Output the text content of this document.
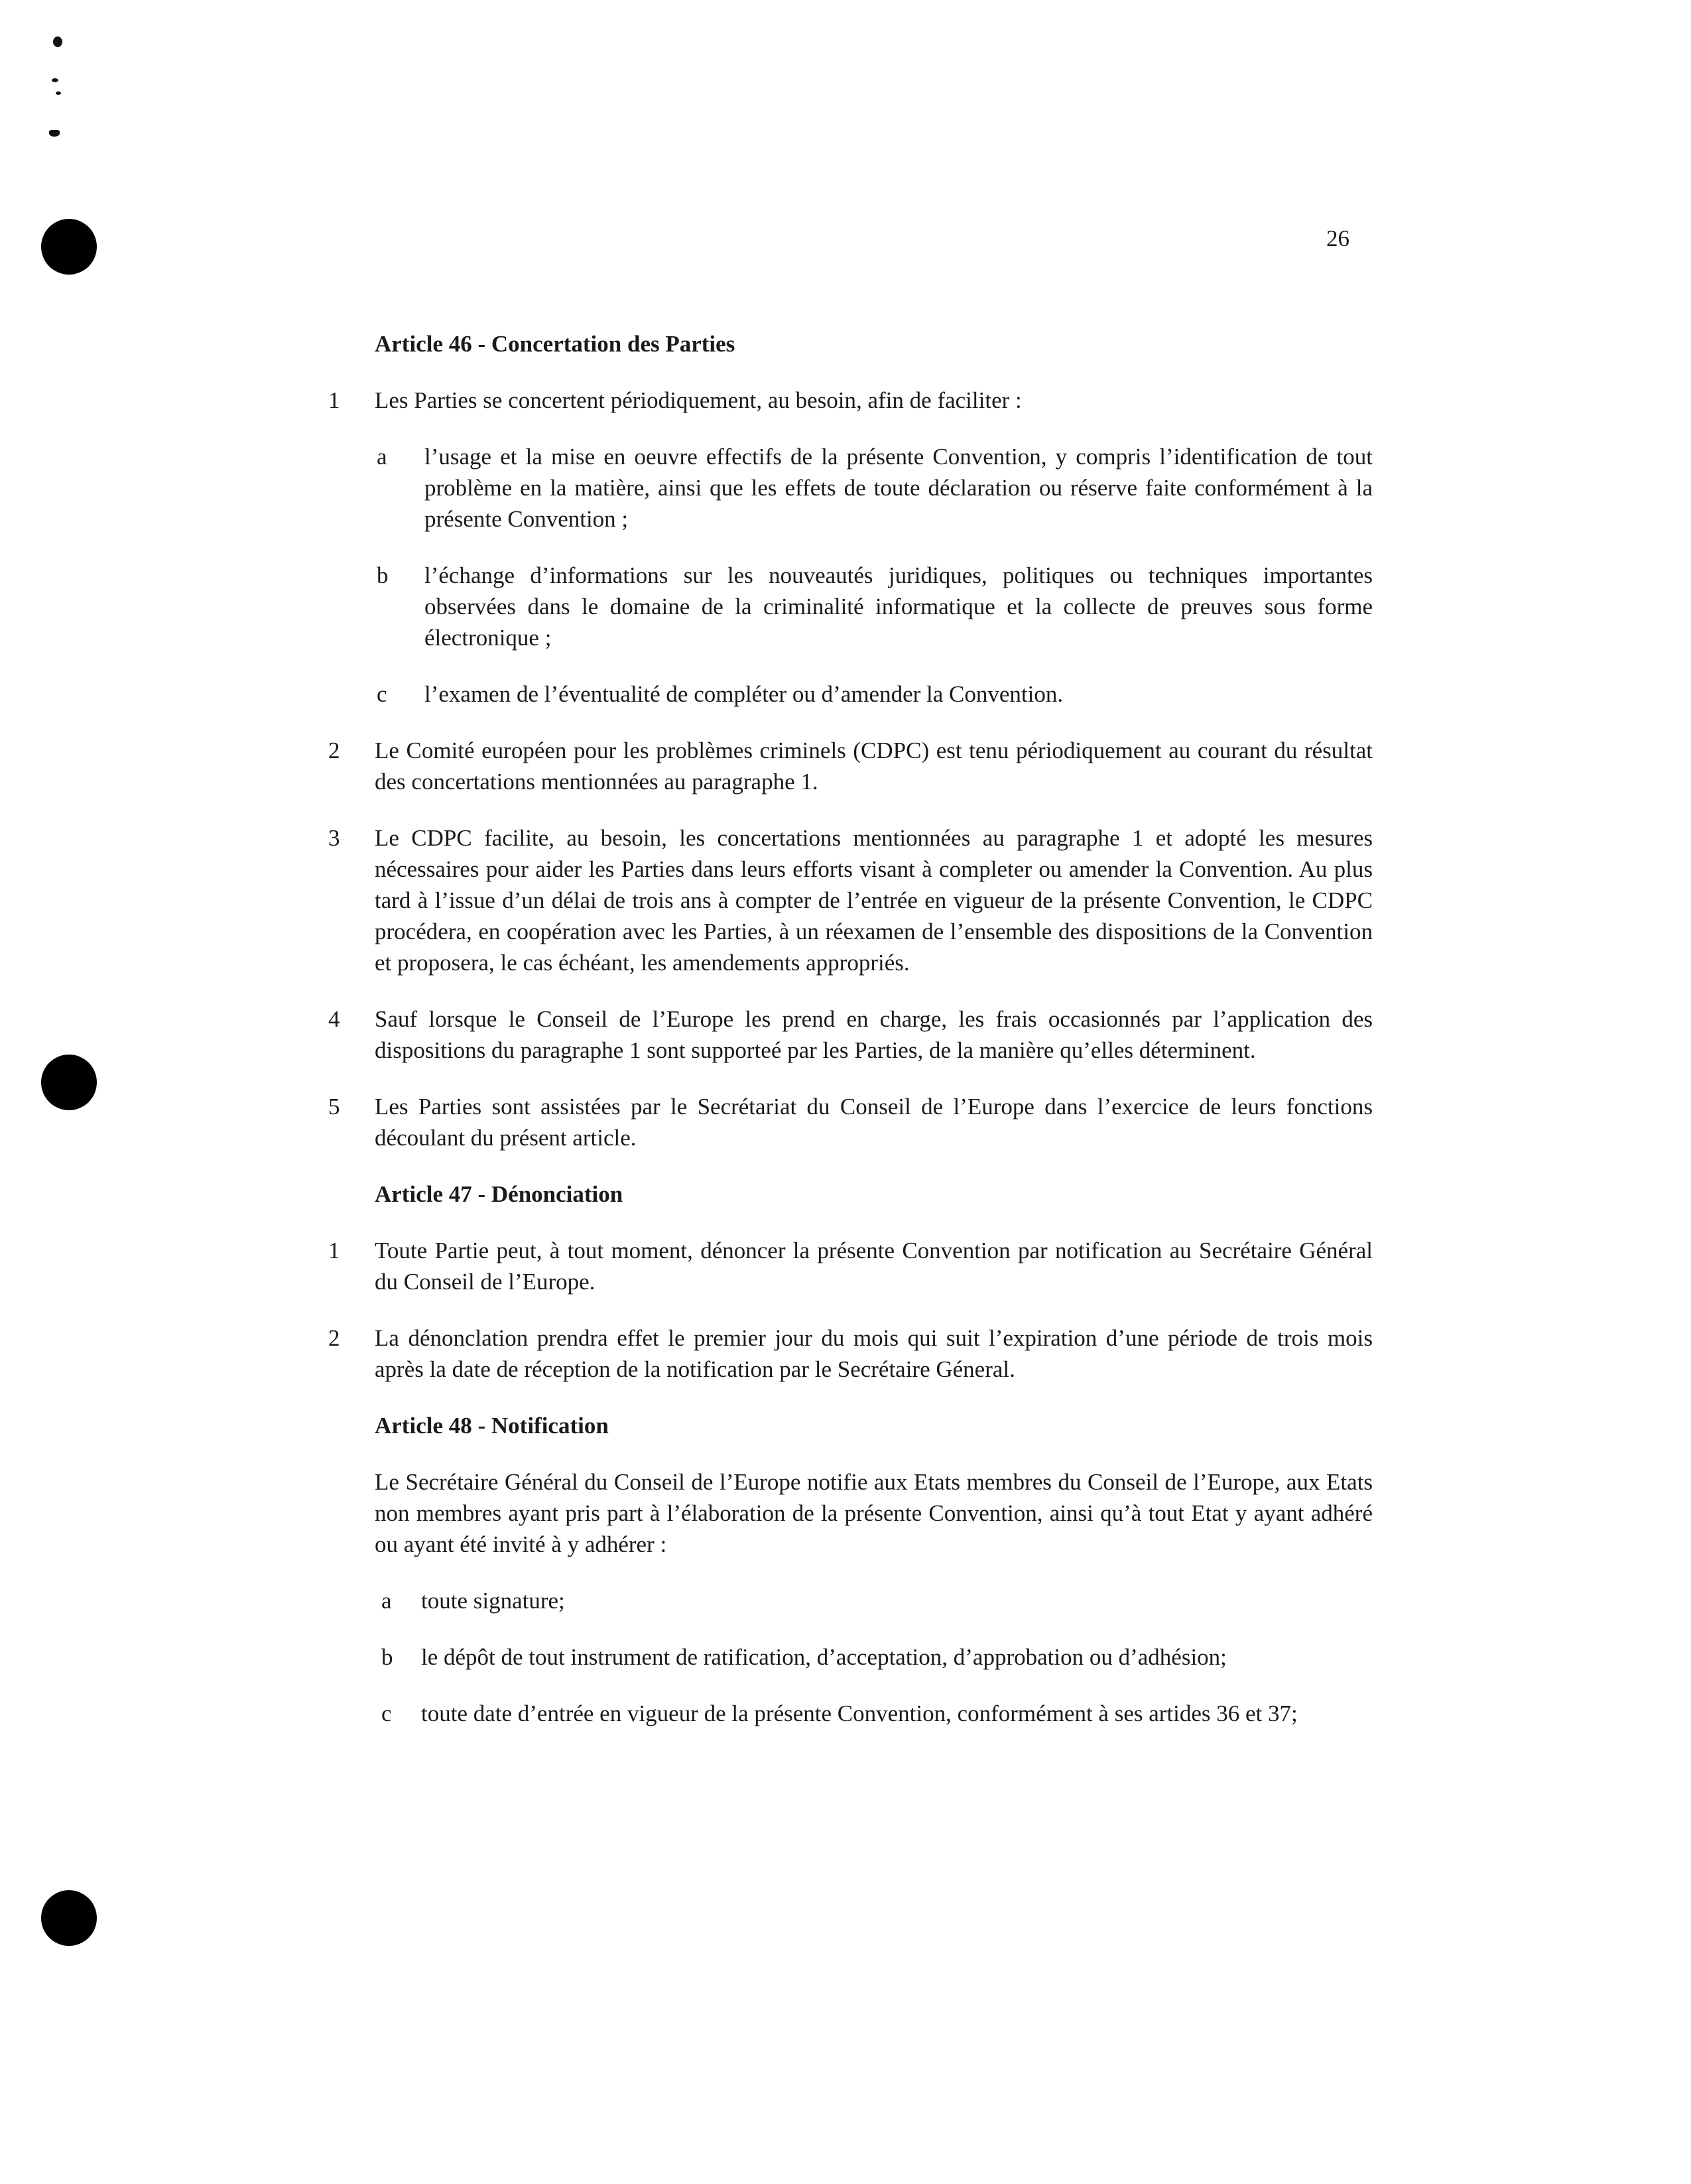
26
Article 46 - Concertation des Parties
1 Les Parties se concertent périodiquement, au besoin, afin de faciliter :
a l’usage et la mise en oeuvre effectifs de la présente Convention, y compris l’identification de tout problème en la matière, ainsi que les effets de toute déclaration ou réserve faite conformément à la présente Convention ;
b l’échange d’informations sur les nouveautés juridiques, politiques ou techniques importantes observées dans le domaine de la criminalité informatique et la collecte de preuves sous forme électronique ;
c l’examen de l’éventualité de compléter ou d’amender la Convention.
2 Le Comité européen pour les problèmes criminels (CDPC) est tenu périodiquement au courant du résultat des concertations mentionnées au paragraphe 1.
3 Le CDPC facilite, au besoin, les concertations mentionnées au paragraphe 1 et adopté les mesures nécessaires pour aider les Parties dans leurs efforts visant à completer ou amender la Convention. Au plus tard à l’issue d’un délai de trois ans à compter de l’entrée en vigueur de la présente Convention, le CDPC procédera, en coopération avec les Parties, à un réexamen de l’ensemble des dispositions de la Convention et proposera, le cas échéant, les amendements appropriés.
4 Sauf lorsque le Conseil de l’Europe les prend en charge, les frais occasionnés par l’application des dispositions du paragraphe 1 sont supporteé par les Parties, de la manière qu’elles déterminent.
5 Les Parties sont assistées par le Secrétariat du Conseil de l’Europe dans l’exercice de leurs fonctions découlant du présent article.
Article 47 - Dénonciation
1 Toute Partie peut, à tout moment, dénoncer la présente Convention par notification au Secrétaire Général du Conseil de l’Europe.
2 La dénonclation prendra effet le premier jour du mois qui suit l’expiration d’une période de trois mois après la date de réception de la notification par le Secrétaire Géneral.
Article 48 - Notification
Le Secrétaire Général du Conseil de l’Europe notifie aux Etats membres du Conseil de l’Europe, aux Etats non membres ayant pris part à l’élaboration de la présente Convention, ainsi qu’à tout Etat y ayant adhéré ou ayant été invité à y adhérer :
a toute signature;
b le dépôt de tout instrument de ratification, d’acceptation, d’approbation ou d’adhésion;
c toute date d’entrée en vigueur de la présente Convention, conformément à ses artides 36 et 37;
